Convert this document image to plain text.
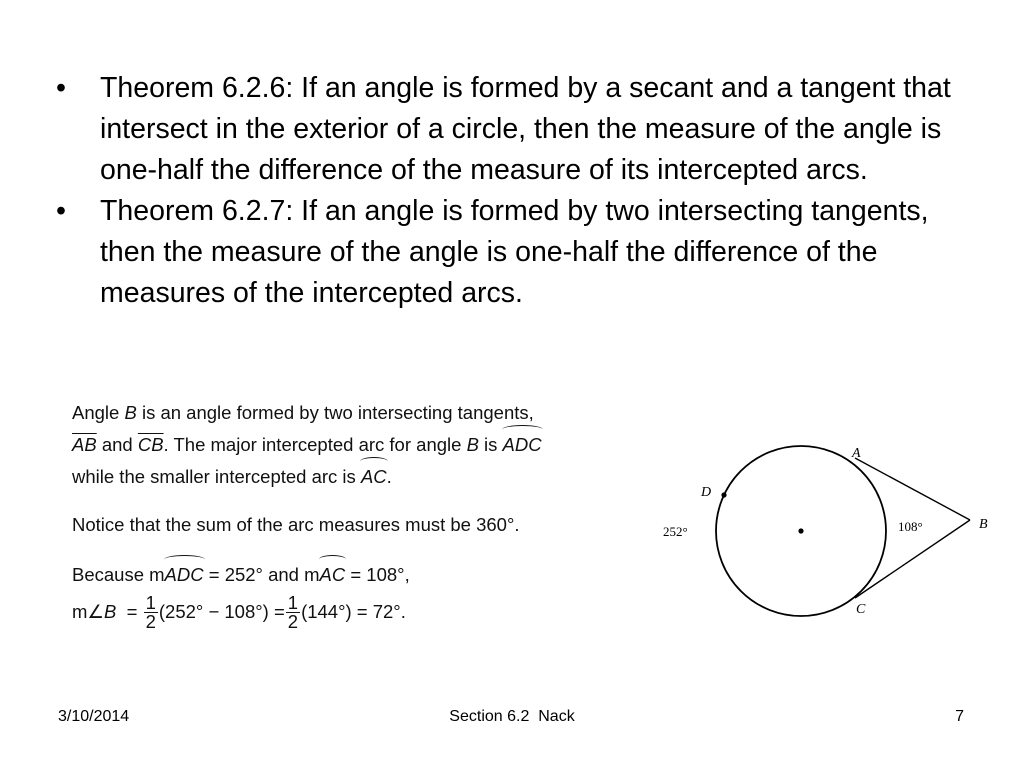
• Theorem 6.2.6: If an angle is formed by a secant and a tangent that intersect in the exterior of a circle, then the measure of the angle is one-half the difference of the measure of its intercepted arcs.
• Theorem 6.2.7: If an angle is formed by two intersecting tangents, then the measure of the angle is one-half the difference of the measures of the intercepted arcs.

Angle B is an angle formed by two intersecting tangents,
$\overline{AB}$ and $\overline{CB}$. The major intercepted arc for angle B is ADC
while the smaller intercepted arc is AC.

Notice that the sum of the arc measures must be 360°.

Because mADC = 252° and mAC = 108°,

m∠ $B = \frac{1}{2} (252^\circ - 108^\circ) = \frac{1}{2} (144^\circ) = 72^\circ$.
A
B
C
D
252°	108°
3/10/2014	Section 6.2  Nack	7
